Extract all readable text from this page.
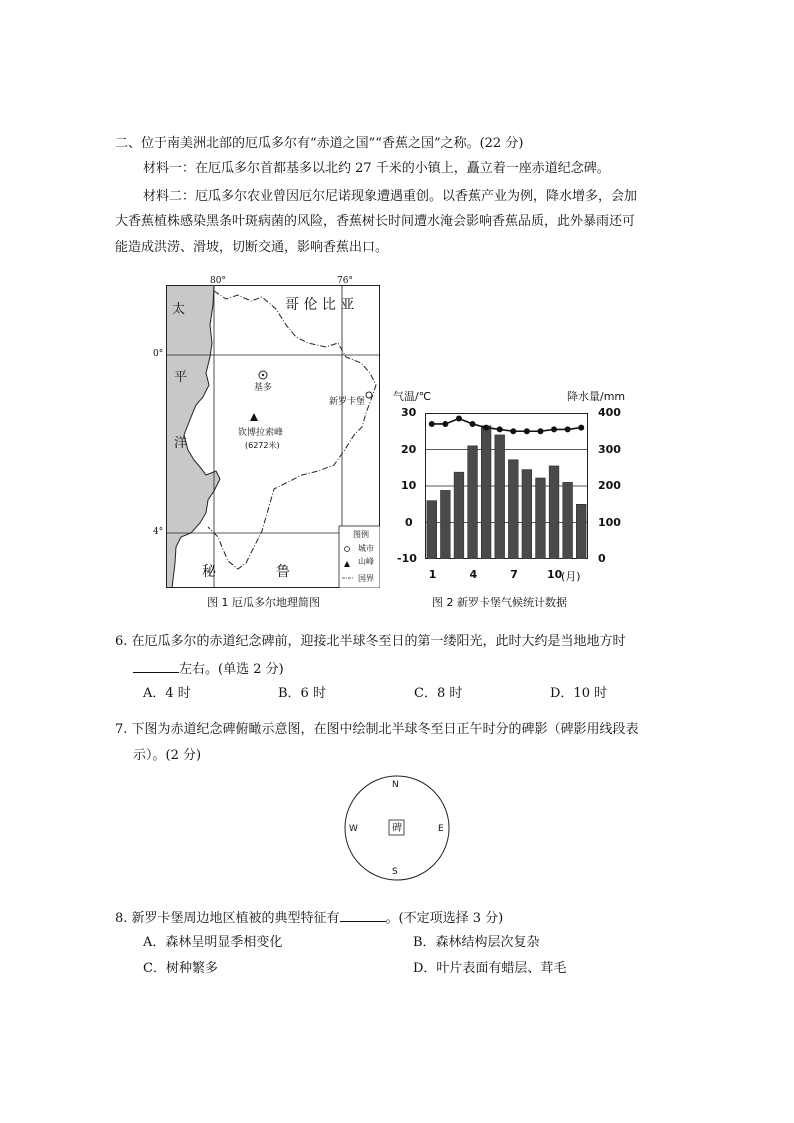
二、位于南美洲北部的厄瓜多尔有“赤道之国”“香蕉之国”之称。(22 分)
材料一：在厄瓜多尔首都基多以北约 27 千米的小镇上，矗立着一座赤道纪念碑。
材料二：厄瓜多尔农业曾因厄尔尼诺现象遭遇重创。以香蕉产业为例，降水增多，会加
大香蕉植株感染黑条叶斑病菌的风险，香蕉树长时间遭水淹会影响香蕉品质，此外暴雨还可
能造成洪涝、滑坡，切断交通，影响香蕉出口。
80°	76°
0°
4°
太
平
洋
哥 伦 比 亚
秘	鲁
基多
新罗卡堡
钦博拉索峰
(6272米)
图例
城市
山峰
国界
图 1 厄瓜多尔地理简图
气温/℃	降水量/mm
(月)
图 2 新罗卡堡气候统计数据
6. 在厄瓜多尔的赤道纪念碑前，迎接北半球冬至日的第一缕阳光，此时大约是当地地方时
左右。(单选 2 分)
A．4 时	B．6 时	C．8 时	D．10 时
7. 下图为赤道纪念碑俯瞰示意图，在图中绘制北半球冬至日正午时分的碑影（碑影用线段表
示）。(2 分)
N
S
W	E
碑
8. 新罗卡堡周边地区植被的典型特征有	。(不定项选择 3 分)
A．森林呈明显季相变化	B．森林结构层次复杂
C．树种繁多	D．叶片表面有蜡层、茸毛
30
20
10
0
-10
400
300
200
100
0
1	4	7	10
